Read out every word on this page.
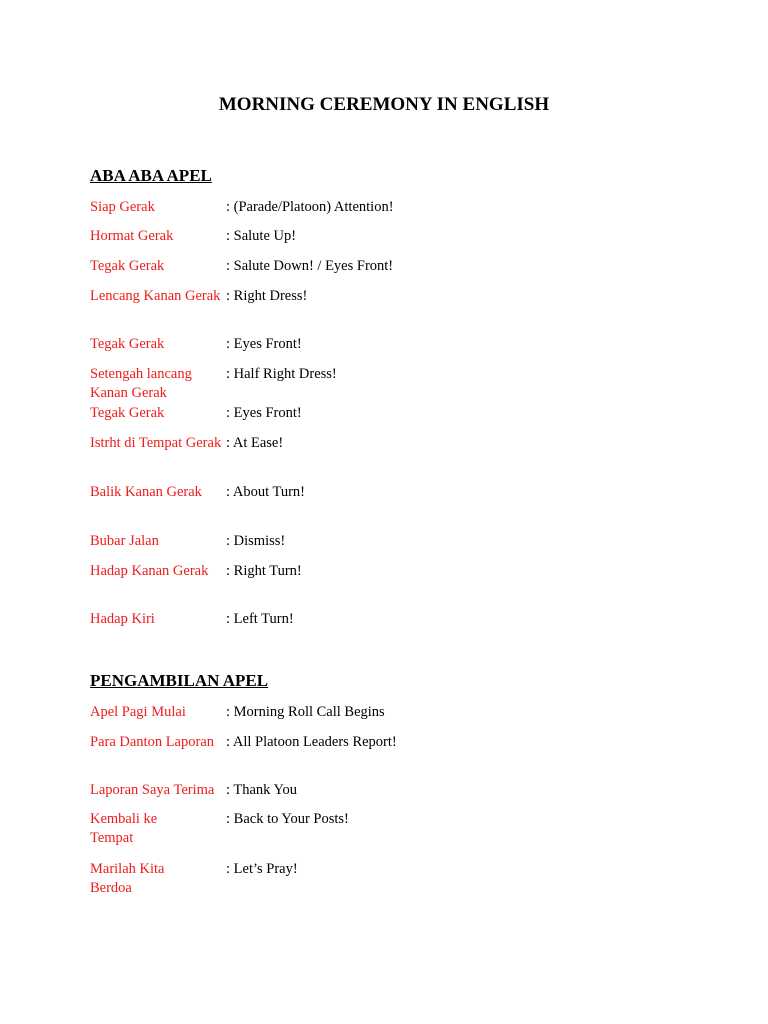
MORNING CEREMONY IN ENGLISH
ABA ABA APEL
Siap Gerak	: (Parade/Platoon) Attention!
Hormat Gerak	: Salute Up!
Tegak Gerak	: Salute Down! / Eyes Front!
Lencang Kanan Gerak : Right Dress!
Tegak Gerak	: Eyes Front!
Setengah lancang Kanan Gerak
: Half Right Dress!
Tegak Gerak	: Eyes Front!
Istrht di Tempat Gerak : At Ease!
Balik Kanan Gerak	: About Turn!
Bubar Jalan	: Dismiss!
Hadap Kanan Gerak	: Right Turn!
Hadap Kiri	: Left Turn!
PENGAMBILAN APEL
Apel Pagi Mulai	: Morning Roll Call Begins
Para Danton Laporan : All Platoon Leaders Report!
Laporan Saya Terima : Thank You
Kembali ke Tempat
: Back to Your Posts!
Marilah Kita Berdoa
: Let’s Pray!
